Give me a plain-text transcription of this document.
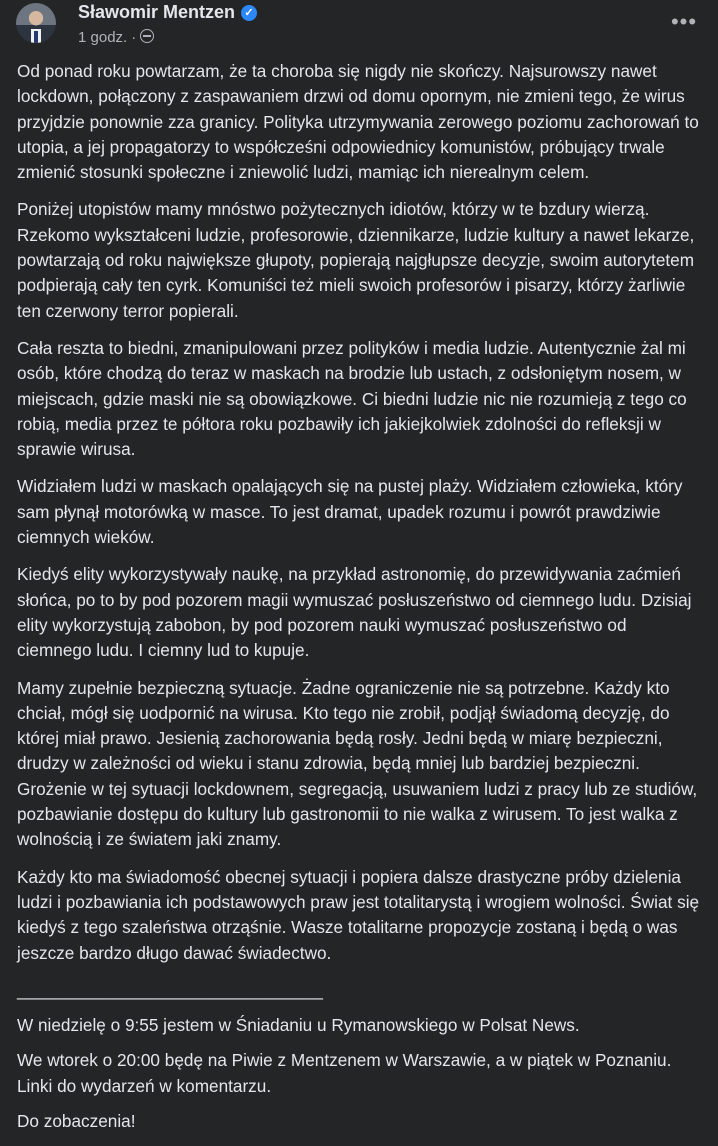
Sławomir Mentzen ✓
1 godz. ·
•••

Od ponad roku powtarzam, że ta choroba się nigdy nie skończy. Najsurowszy nawet lockdown, połączony z zaspawaniem drzwi od domu opornym, nie zmieni tego, że wirus przyjdzie ponownie zza granicy. Polityka utrzymywania zerowego poziomu zachorowań to utopia, a jej propagatorzy to współcześni odpowiednicy komunistów, próbujący trwale zmienić stosunki społeczne i zniewolić ludzi, mamiąc ich nierealnym celem.

Poniżej utopistów mamy mnóstwo pożytecznych idiotów, którzy w te bzdury wierzą. Rzekomo wykształceni ludzie, profesorowie, dziennikarze, ludzie kultury a nawet lekarze, powtarzają od roku największe głupoty, popierają najgłupsze decyzje, swoim autorytetem podpierają cały ten cyrk. Komuniści też mieli swoich profesorów i pisarzy, którzy żarliwie ten czerwony terror popierali.

Cała reszta to biedni, zmanipulowani przez polityków i media ludzie. Autentycznie żal mi osób, które chodzą do teraz w maskach na brodzie lub ustach, z odsłoniętym nosem, w miejscach, gdzie maski nie są obowiązkowe. Ci biedni ludzie nic nie rozumieją z tego co robią, media przez te półtora roku pozbawiły ich jakiejkolwiek zdolności do refleksji w sprawie wirusa.

Widziałem ludzi w maskach opalających się na pustej plaży. Widziałem człowieka, który sam płynął motorówką w masce. To jest dramat, upadek rozumu i powrót prawdziwie ciemnych wieków.

Kiedyś elity wykorzystywały naukę, na przykład astronomię, do przewidywania zaćmień słońca, po to by pod pozorem magii wymuszać posłuszeństwo od ciemnego ludu. Dzisiaj elity wykorzystują zabobon, by pod pozorem nauki wymuszać posłuszeństwo od ciemnego ludu. I ciemny lud to kupuje.

Mamy zupełnie bezpieczną sytuacje. Żadne ograniczenie nie są potrzebne. Każdy kto chciał, mógł się uodpornić na wirusa. Kto tego nie zrobił, podjął świadomą decyzję, do której miał prawo. Jesienią zachorowania będą rosły. Jedni będą w miarę bezpieczni, drudzy w zależności od wieku i stanu zdrowia, będą mniej lub bardziej bezpieczni. Grożenie w tej sytuacji lockdownem, segregacją, usuwaniem ludzi z pracy lub ze studiów, pozbawianie dostępu do kultury lub gastronomii to nie walka z wirusem. To jest walka z wolnością i ze światem jaki znamy.

Każdy kto ma świadomość obecnej sytuacji i popiera dalsze drastyczne próby dzielenia ludzi i pozbawiania ich podstawowych praw jest totalitarystą i wrogiem wolności. Świat się kiedyś z tego szaleństwa otrząśnie. Wasze totalitarne propozycje zostaną i będą o was jeszcze bardzo długo dawać świadectwo.

________________________________

W niedzielę o 9:55 jestem w Śniadaniu u Rymanowskiego w Polsat News.

We wtorek o 20:00 będę na Piwie z Mentzenem w Warszawie, a w piątek w Poznaniu. Linki do wydarzeń w komentarzu.

Do zobaczenia!
